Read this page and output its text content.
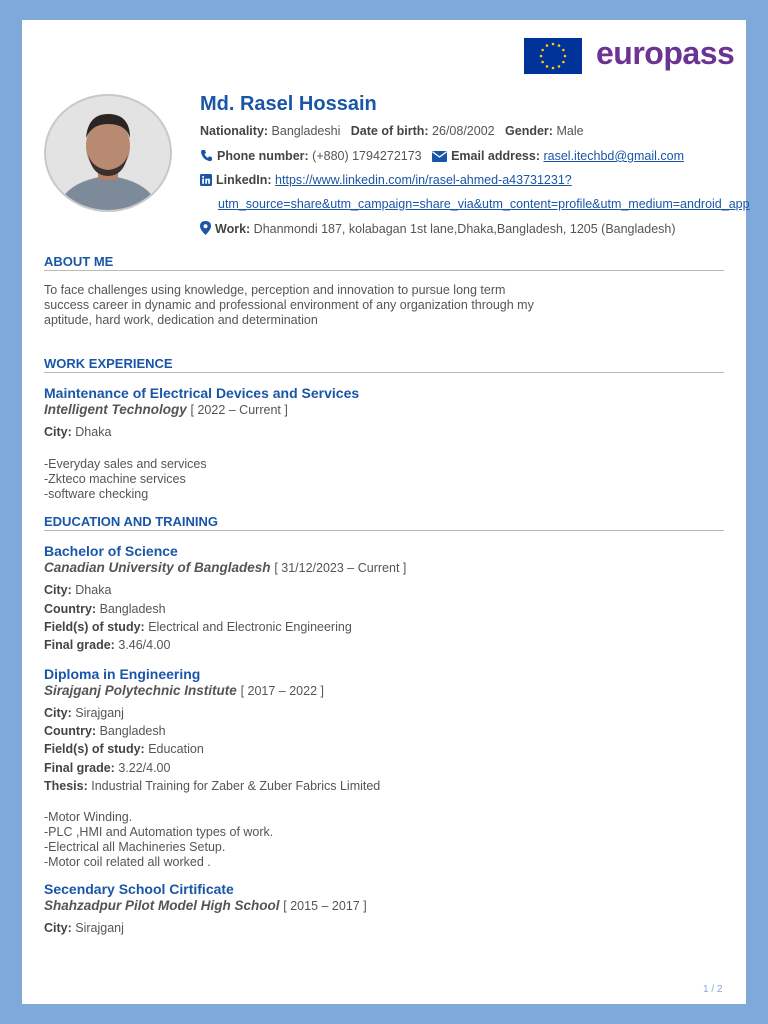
europass
Md. Rasel Hossain
Nationality: Bangladeshi Date of birth: 26/08/2002 Gender: Male
Phone number: (+880) 1794272173 Email address: rasel.itechbd@gmail.com
LinkedIn: https://www.linkedin.com/in/rasel-ahmed-a43731231?
utm_source=share&utm_campaign=share_via&utm_content=profile&utm_medium=android_app
Work: Dhanmondi 187, kolabagan 1st lane,Dhaka,Bangladesh, 1205 (Bangladesh)
ABOUT ME
To face challenges using knowledge, perception and innovation to pursue long term
success career in dynamic and professional environment of any organization through my
aptitude, hard work, dedication and determination
WORK EXPERIENCE
Maintenance of Electrical Devices and Services
Intelligent Technology [ 2022 – Current ]
City: Dhaka
-Everyday sales and services
-Zkteco machine services
-software checking
EDUCATION AND TRAINING
Bachelor of Science
Canadian University of Bangladesh [ 31/12/2023 – Current ]
City: Dhaka
Country: Bangladesh
Field(s) of study: Electrical and Electronic Engineering
Final grade: 3.46/4.00
Diploma in Engineering
Sirajganj Polytechnic Institute [ 2017 – 2022 ]
City: Sirajganj
Country: Bangladesh
Field(s) of study: Education
Final grade: 3.22/4.00
Thesis: Industrial Training for Zaber & Zuber Fabrics Limited
-Motor Winding.
-PLC ,HMI and Automation types of work.
-Electrical all Machineries Setup.
-Motor coil related all worked .
Secendary School Cirtificate
Shahzadpur Pilot Model High School [ 2015 – 2017 ]
City: Sirajganj
1 / 2
